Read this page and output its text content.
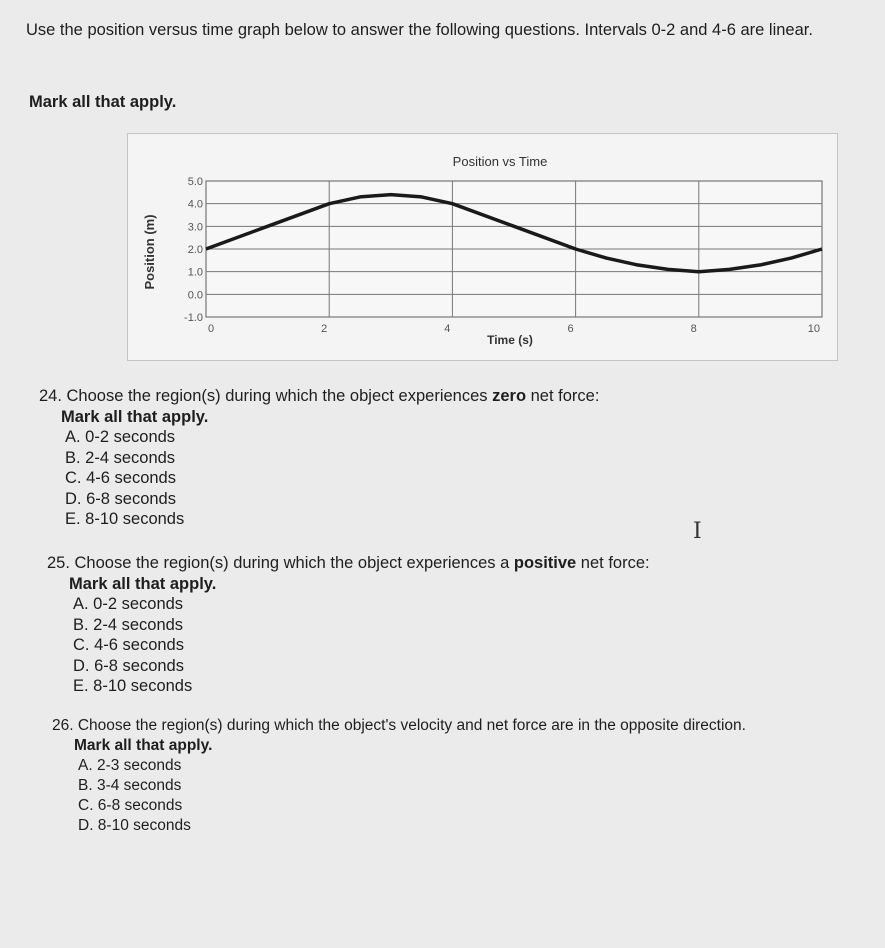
Use the position versus time graph below to answer the following questions. Intervals 0-2 and 4-6 are linear.
Mark all that apply.
5.0
4.0
3.0
2.0
1.0
0.0
-1.0
0	2	4	6	8	10
Position vs Time
Time (s)
Position (m)
24. Choose the region(s) during which the object experiences zero net force:
Mark all that apply.
A. 0-2 seconds
B. 2-4 seconds
C. 4-6 seconds
D. 6-8 seconds
E. 8-10 seconds	I
25. Choose the region(s) during which the object experiences a positive net force:
Mark all that apply.
A. 0-2 seconds
B. 2-4 seconds
C. 4-6 seconds
D. 6-8 seconds
E. 8-10 seconds
26. Choose the region(s) during which the object's velocity and net force are in the opposite direction.
Mark all that apply.
A. 2-3 seconds
B. 3-4 seconds
C. 6-8 seconds
D. 8-10 seconds
